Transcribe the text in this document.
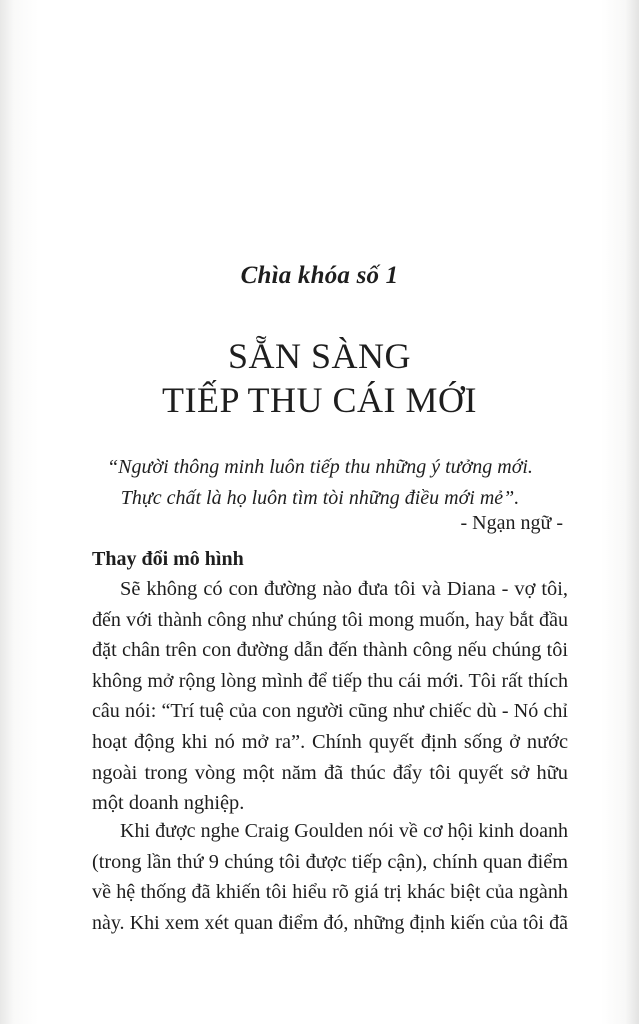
Chìa khóa số 1
SẴN SÀNG
TIẾP THU CÁI MỚI
“Người thông minh luôn tiếp thu những ý tưởng mới.
Thực chất là họ luôn tìm tòi những điều mới mẻ”.
- Ngạn ngữ -
Thay đổi mô hình
Sẽ không có con đường nào đưa tôi và Diana - vợ tôi,
đến với thành công như chúng tôi mong muốn, hay bắt đầu
đặt chân trên con đường dẫn đến thành công nếu chúng tôi
không mở rộng lòng mình để tiếp thu cái mới. Tôi rất thích
câu nói: “Trí tuệ của con người cũng như chiếc dù - Nó chỉ
hoạt động khi nó mở ra”. Chính quyết định sống ở nước
ngoài trong vòng một năm đã thúc đẩy tôi quyết sở hữu
một doanh nghiệp.
Khi được nghe Craig Goulden nói về cơ hội kinh doanh
(trong lần thứ 9 chúng tôi được tiếp cận), chính quan điểm
về hệ thống đã khiến tôi hiểu rõ giá trị khác biệt của ngành
này. Khi xem xét quan điểm đó, những định kiến của tôi đã
